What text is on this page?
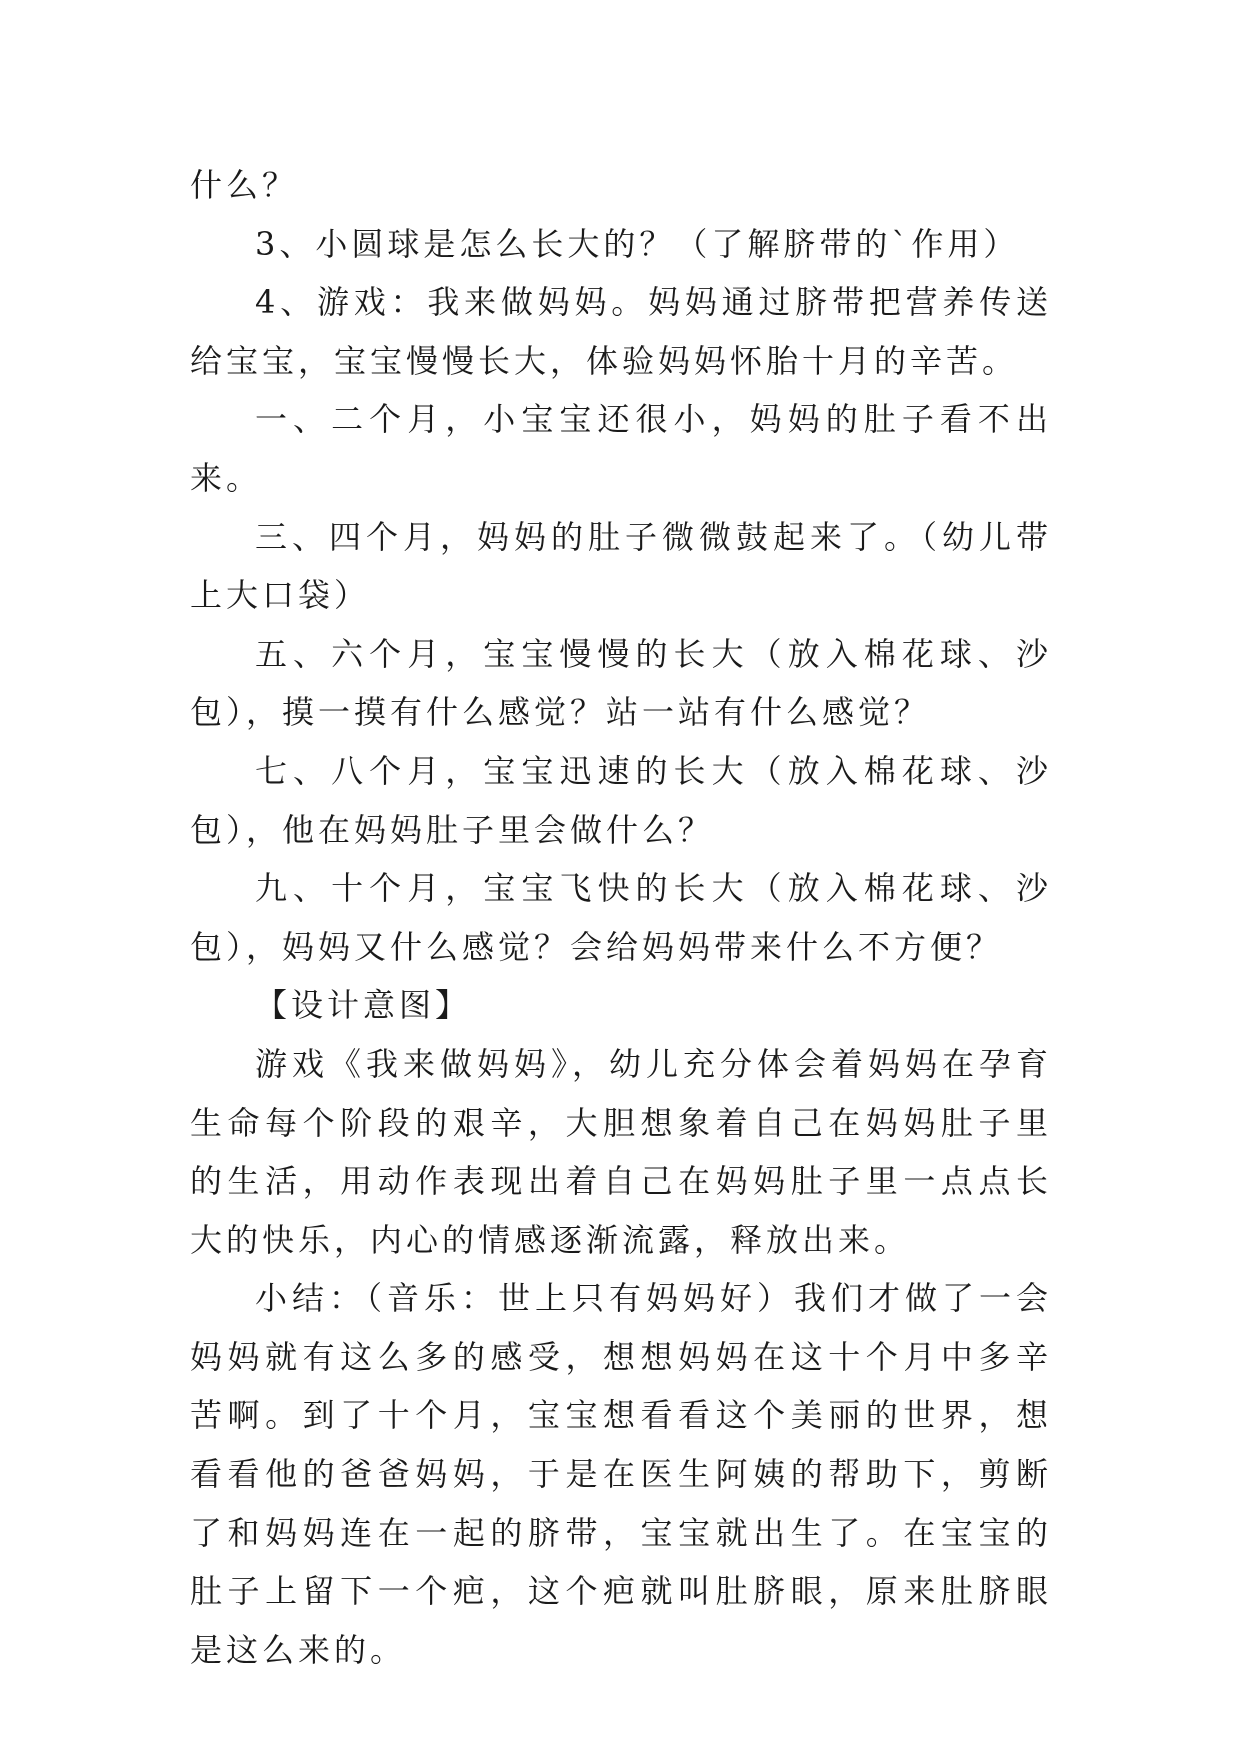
什么？

3、小圆球是怎么长大的？（了解脐带的`作用）

4、游戏：我来做妈妈。妈妈通过脐带把营养传送给宝宝，宝宝慢慢长大，体验妈妈怀胎十月的辛苦。

一、二个月，小宝宝还很小，妈妈的肚子看不出来。

三、四个月，妈妈的肚子微微鼓起来了。（幼儿带上大口袋）

五、六个月，宝宝慢慢的长大（放入棉花球、沙包），摸一摸有什么感觉？站一站有什么感觉？

七、八个月，宝宝迅速的长大（放入棉花球、沙包），他在妈妈肚子里会做什么？

九、十个月，宝宝飞快的长大（放入棉花球、沙包），妈妈又什么感觉？会给妈妈带来什么不方便？

【设计意图】

游戏《我来做妈妈》，幼儿充分体会着妈妈在孕育生命每个阶段的艰辛，大胆想象着自己在妈妈肚子里的生活，用动作表现出着自己在妈妈肚子里一点点长大的快乐，内心的情感逐渐流露，释放出来。

小结：（音乐：世上只有妈妈好）我们才做了一会妈妈就有这么多的感受，想想妈妈在这十个月中多辛苦啊。到了十个月，宝宝想看看这个美丽的世界，想看看他的爸爸妈妈，于是在医生阿姨的帮助下，剪断了和妈妈连在一起的脐带，宝宝就出生了。在宝宝的肚子上留下一个疤，这个疤就叫肚脐眼，原来肚脐眼是这么来的。
